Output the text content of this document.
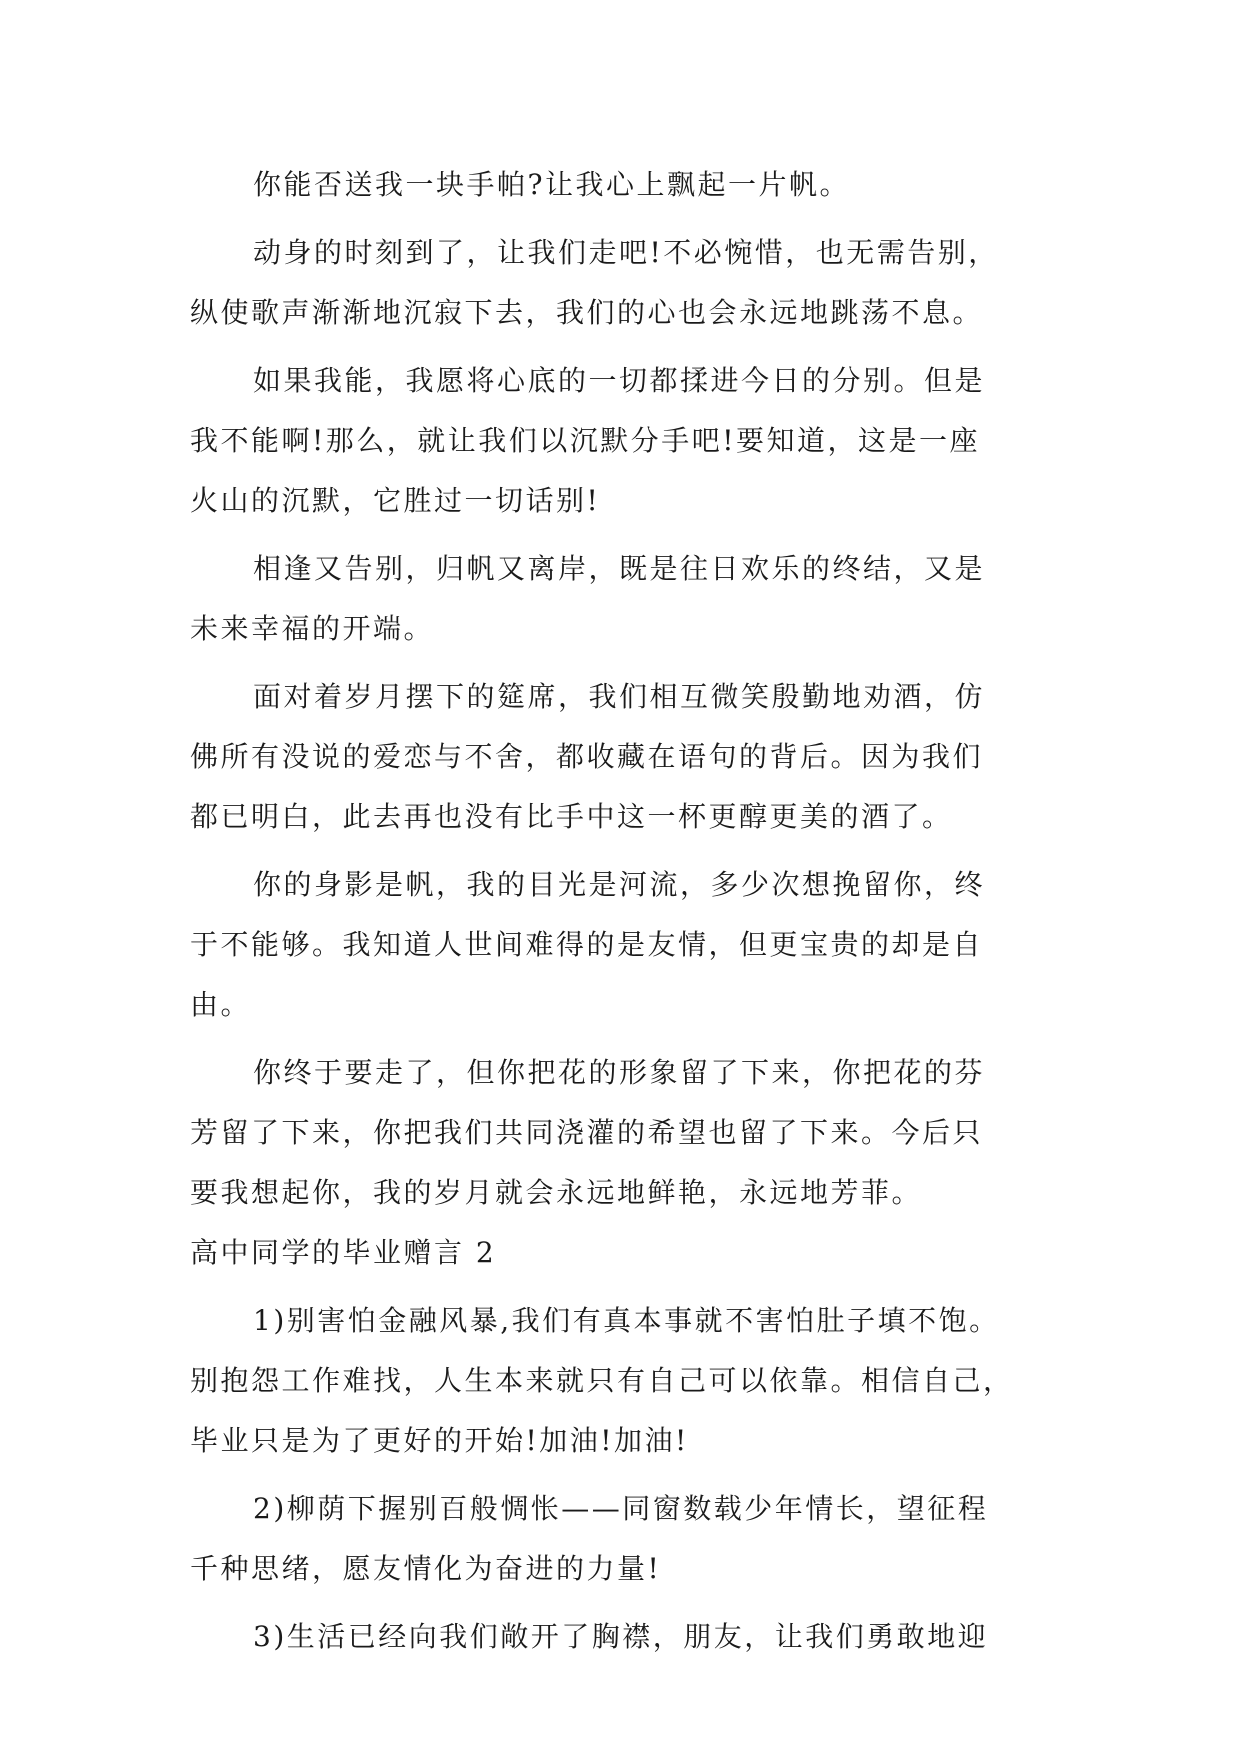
你能否送我一块手帕?让我心上飘起一片帆。

动身的时刻到了，让我们走吧!不必惋惜，也无需告别，
纵使歌声渐渐地沉寂下去，我们的心也会永远地跳荡不息。

如果我能，我愿将心底的一切都揉进今日的分别。但是
我不能啊!那么，就让我们以沉默分手吧!要知道，这是一座
火山的沉默，它胜过一切话别!

相逢又告别，归帆又离岸，既是往日欢乐的终结，又是
未来幸福的开端。

面对着岁月摆下的筵席，我们相互微笑殷勤地劝酒，仿
佛所有没说的爱恋与不舍，都收藏在语句的背后。因为我们
都已明白，此去再也没有比手中这一杯更醇更美的酒了。

你的身影是帆，我的目光是河流，多少次想挽留你，终
于不能够。我知道人世间难得的是友情，但更宝贵的却是自
由。

你终于要走了，但你把花的形象留了下来，你把花的芬
芳留了下来，你把我们共同浇灌的希望也留了下来。今后只
要我想起你，我的岁月就会永远地鲜艳，永远地芳菲。

高中同学的毕业赠言 2

1)别害怕金融风暴,我们有真本事就不害怕肚子填不饱。
别抱怨工作难找，人生本来就只有自己可以依靠。相信自己，
毕业只是为了更好的开始!加油!加油!

2)柳荫下握别百般惆怅——同窗数载少年情长，望征程
千种思绪，愿友情化为奋进的力量!

3)生活已经向我们敞开了胸襟，朋友，让我们勇敢地迎
